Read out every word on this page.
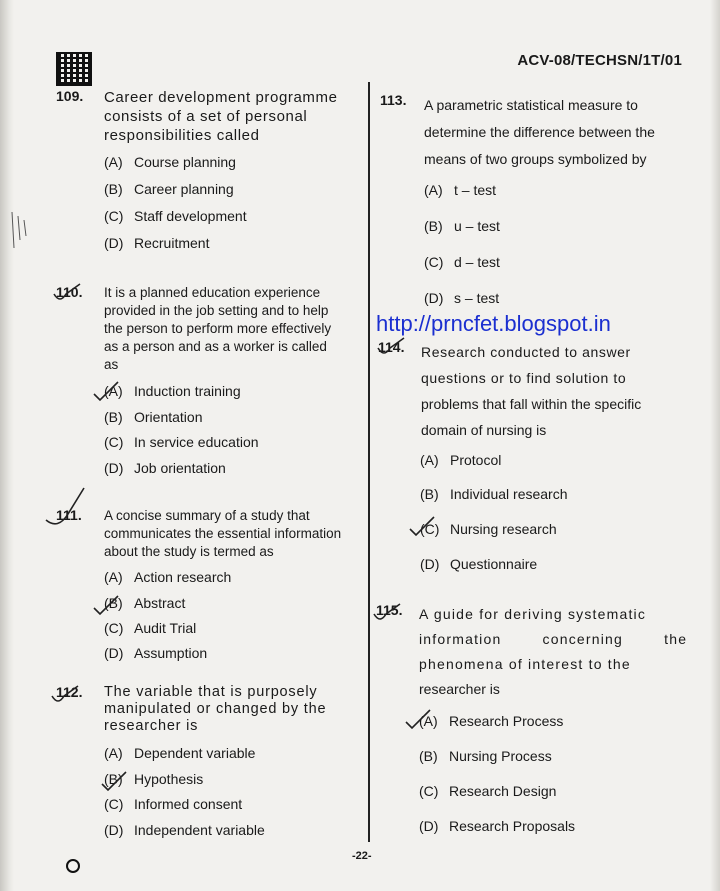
ACV-08/TECHSN/1T/01
109. Career development programme
consists of a set of personal
responsibilities called
(A) Course planning
(B) Career planning
(C) Staff development
(D) Recruitment
110. It is a planned education experience
provided in the job setting and to help
the person to perform more effectively
as a person and as a worker is called
as
(A) Induction training
(B) Orientation
(C) In service education
(D) Job orientation
111. A concise summary of a study that
communicates the essential information
about the study is termed as
(A) Action research
(B) Abstract
(C) Audit Trial
(D) Assumption
112. The variable that is purposely
manipulated or changed by the
researcher is
(A) Dependent variable
(B) Hypothesis
(C) Informed consent
(D) Independent variable
113. A parametric statistical measure to
determine the difference between the
means of two groups symbolized by
(A) t – test
(B) u – test
(C) d – test
(D) s – test
http://prncfet.blogspot.in
114. Research conducted to answer
questions or to find solution to
problems that fall within the specific
domain of nursing is
(A) Protocol
(B) Individual research
(C) Nursing research
(D) Questionnaire
115. A guide for deriving systematic
information concerning the
phenomena of interest to the
researcher is
(A) Research Process
(B) Nursing Process
(C) Research Design
(D) Research Proposals
-22-
